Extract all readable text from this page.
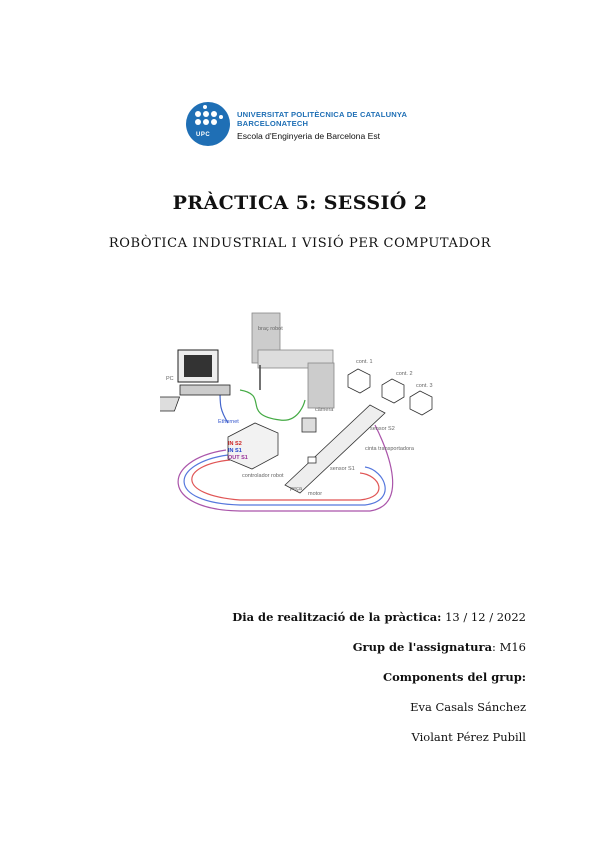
UPC
UNIVERSITAT POLITÈCNICA DE CATALUNYA
BARCELONATECH
Escola d'Enginyeria de Barcelona Est
PRÀCTICA 5: SESSIÓ 2
ROBÒTICA INDUSTRIAL I VISIÓ PER COMPUTADOR
PC
Ethernet
braç robot
cont. 1
cont. 2
cont. 3
càmera
sensor S2
cinta transportadora
sensor S1
peça
motor
IN S2
IN S1
OUT S1
controlador robot
Dia de realització de la pràctica: 13 / 12 / 2022
Grup de l'assignatura: M16
Components del grup:
Eva Casals Sánchez
Violant Pérez Pubill
